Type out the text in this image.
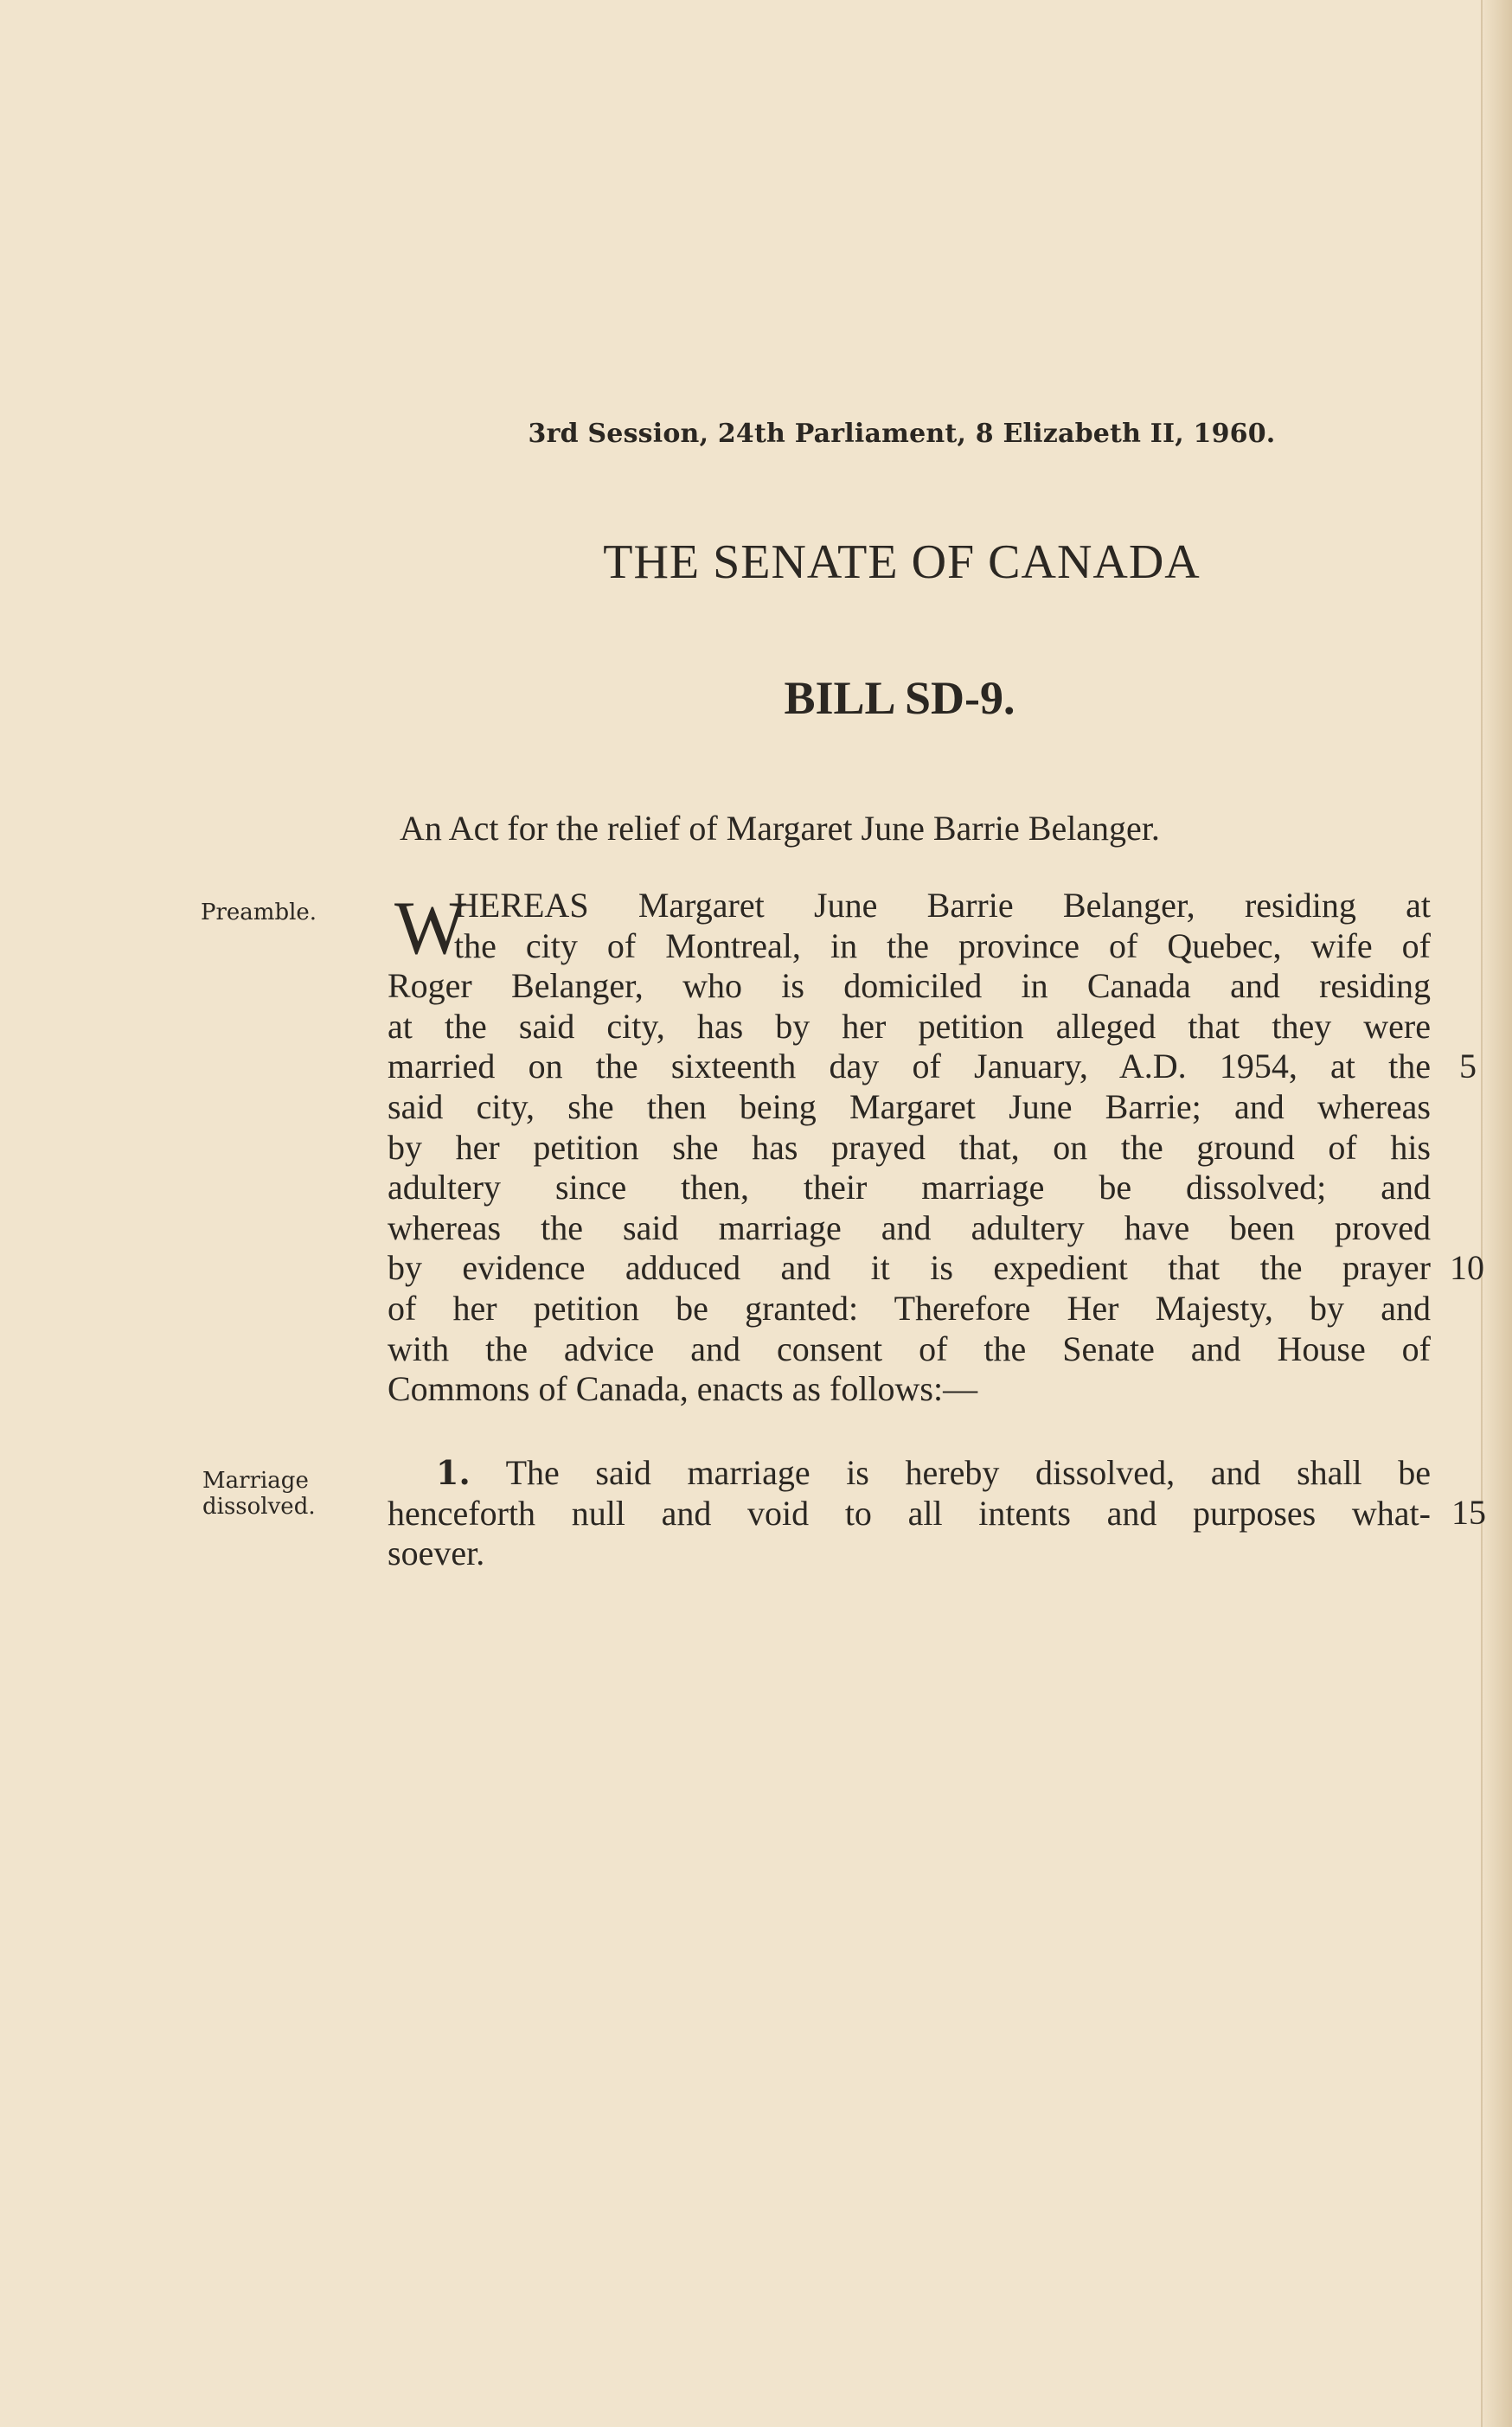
3rd Session, 24th Parliament, 8 Elizabeth II, 1960.
THE SENATE OF CANADA
BILL SD-9.
An Act for the relief of Margaret June Barrie Belanger.
Preamble.
Marriage
dissolved.
W
HEREAS Margaret June Barrie Belanger, residing at
the city of Montreal, in the province of Quebec, wife of
Roger Belanger, who is domiciled in Canada and residing
at the said city, has by her petition alleged that they were
married on the sixteenth day of January, A.D. 1954, at the
said city, she then being Margaret June Barrie; and whereas
by her petition she has prayed that, on the ground of his
adultery since then, their marriage be dissolved; and
whereas the said marriage and adultery have been proved
by evidence adduced and it is expedient that the prayer
of her petition be granted: Therefore Her Majesty, by and
with the advice and consent of the Senate and House of
Commons of Canada, enacts as follows:—
1. The said marriage is hereby dissolved, and shall be
henceforth null and void to all intents and purposes what-
soever.
5
10
15
